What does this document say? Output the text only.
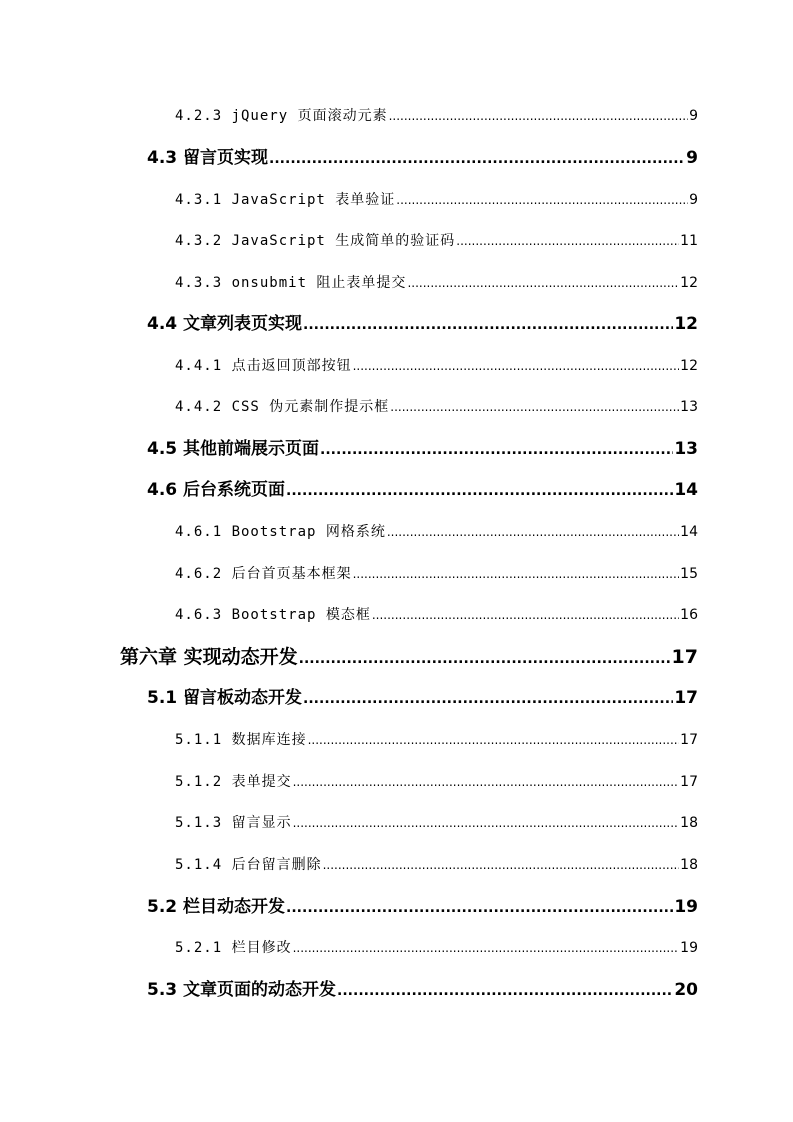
4.2.3 jQuery 页面滚动元素 .....	9
4.3 留言页实现 .....	9
4.3.1 JavaScript 表单验证 .....	9
4.3.2 JavaScript 生成简单的验证码 .....	11
4.3.3 onsubmit 阻止表单提交 .....	12
4.4 文章列表页实现 .....	12
4.4.1 点击返回顶部按钮 .....	12
4.4.2 CSS 伪元素制作提示框 .....	13
4.5 其他前端展示页面 .....	13
4.6 后台系统页面 .....	14
4.6.1 Bootstrap 网格系统 .....	14
4.6.2 后台首页基本框架 .....	15
4.6.3 Bootstrap 模态框 .....	16
第六章 实现动态开发 .....	17
5.1 留言板动态开发 .....	17
5.1.1 数据库连接 .....	17
5.1.2 表单提交 .....	17
5.1.3 留言显示 .....	18
5.1.4 后台留言删除 .....	18
5.2 栏目动态开发 .....	19
5.2.1 栏目修改 .....	19
5.3 文章页面的动态开发 .....	20
